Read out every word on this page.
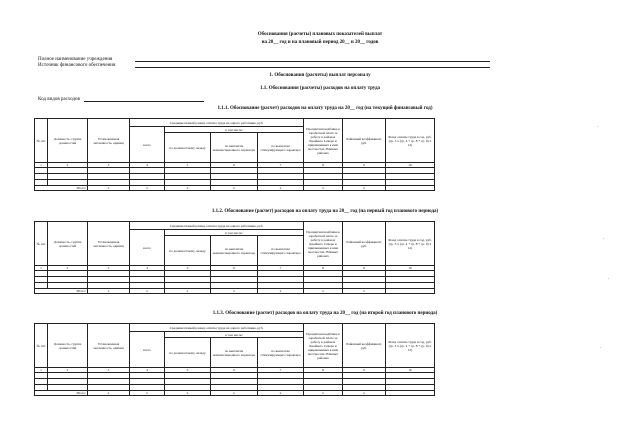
Обоснования (расчеты) плановых показателей выплат
на 20__ год и на плановый период 20__ и 20__ годов
Полное наименование учреждения
Источник финансового обеспечения
1. Обоснования (расчеты) выплат персоналу
1.1. Обоснования (расчеты) расходов на оплату труда
Код видов расходов
1.1.1. Обоснование (расчет) расходов на оплату труда на 20__ год (на текущий финансовый год)
1.1.2. Обоснование (расчет) расходов на оплату труда на 20__ год (на первый год планового периода)
1.1.3. Обоснование (расчет) расходов на оплату труда на 20__ год (на второй год планового периода)
№ п/п	Должность, группа должностей	Установленная численность, единиц	Среднемесячный размер оплаты труда на одного работника, руб.				Процентная надбавка к заработной плате за работу в районах Крайнего Севера и приравненных к ним местностях, Южных районах	Районный коэффициент, руб.	Фонд оплаты труда в год, руб. (гр. 3 х (гр. 4 + гр. 8 + гр. 9) х 12)
			всего	в том числе:					
				по должностному окладу	по выплатам компенсационного характера	по выплатам стимулирующего характера			
1	2	3	4	5	6	7	8	9	10

Итого:		x	x	x	x	x	x	x	
№ п/п	Должность, группа должностей	Установленная численность, единиц	Среднемесячный размер оплаты труда на одного работника, руб.				Процентная надбавка к заработной плате за работу в районах Крайнего Севера и приравненных к ним местностях, Южных районах	Районный коэффициент, руб.	Фонд оплаты труда в год, руб. (гр. 3 х (гр. 4 + гр. 8 + гр. 9) х 12)
			всего	в том числе:					
				по должностному окладу	по выплатам компенсационного характера	по выплатам стимулирующего характера			
1	2	3	4	5	6	7	8	9	10

Итого:		x	x	x	x	x	x	x	
№ п/п	Должность, группа должностей	Установленная численность, единиц	Среднемесячный размер оплаты труда на одного работника, руб.				Процентная надбавка к заработной плате за работу в районах Крайнего Севера и приравненных к ним местностях, Южных районах	Районный коэффициент, руб.	Фонд оплаты труда в год, руб. (гр. 3 х (гр. 4 + гр. 8 + гр. 9) х 12)
			всего	в том числе:					
				по должностному окладу	по выплатам компенсационного характера	по выплатам стимулирующего характера			
1	2	3	4	5	6	7	8	9	10

Итого:		x	x	x	x	x	x	x	
